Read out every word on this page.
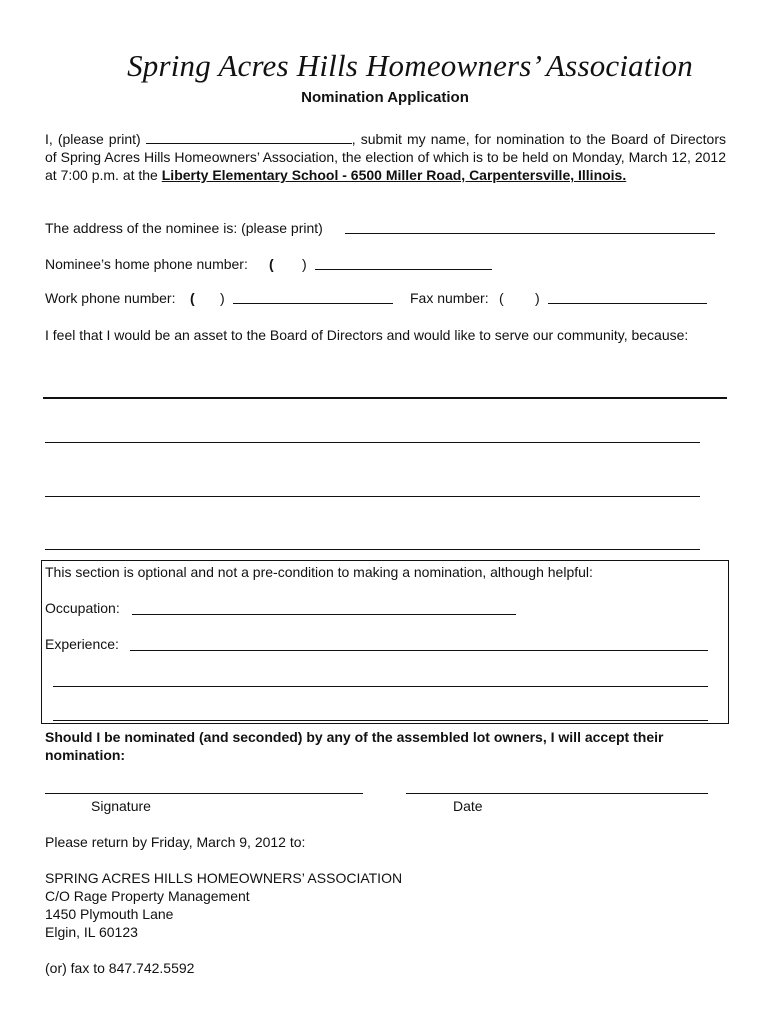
Spring Acres Hills Homeowners’ Association
Nomination Application
I, (please print)	, submit my name, for nomination to the Board of Directors of Spring Acres Hills Homeowners’ Association, the election of which is to be held on Monday, March 12, 2012 at 7:00 p.m. at the Liberty Elementary School - 6500 Miller Road, Carpentersville, Illinois.
The address of the nominee is: (please print)
Nominee’s home phone number: ( )
Work phone number: ( )	Fax number: ( )
I feel that I would be an asset to the Board of Directors and would like to serve our community, because:
This section is optional and not a pre-condition to making a nomination, although helpful:
Occupation:
Experience:
Should I be nominated (and seconded) by any of the assembled lot owners, I will accept their nomination:
Signature	Date
Please return by Friday, March 9, 2012 to:
SPRING ACRES HILLS HOMEOWNERS’ ASSOCIATION
C/O Rage Property Management
1450 Plymouth Lane
Elgin, IL 60123
(or) fax to 847.742.5592
